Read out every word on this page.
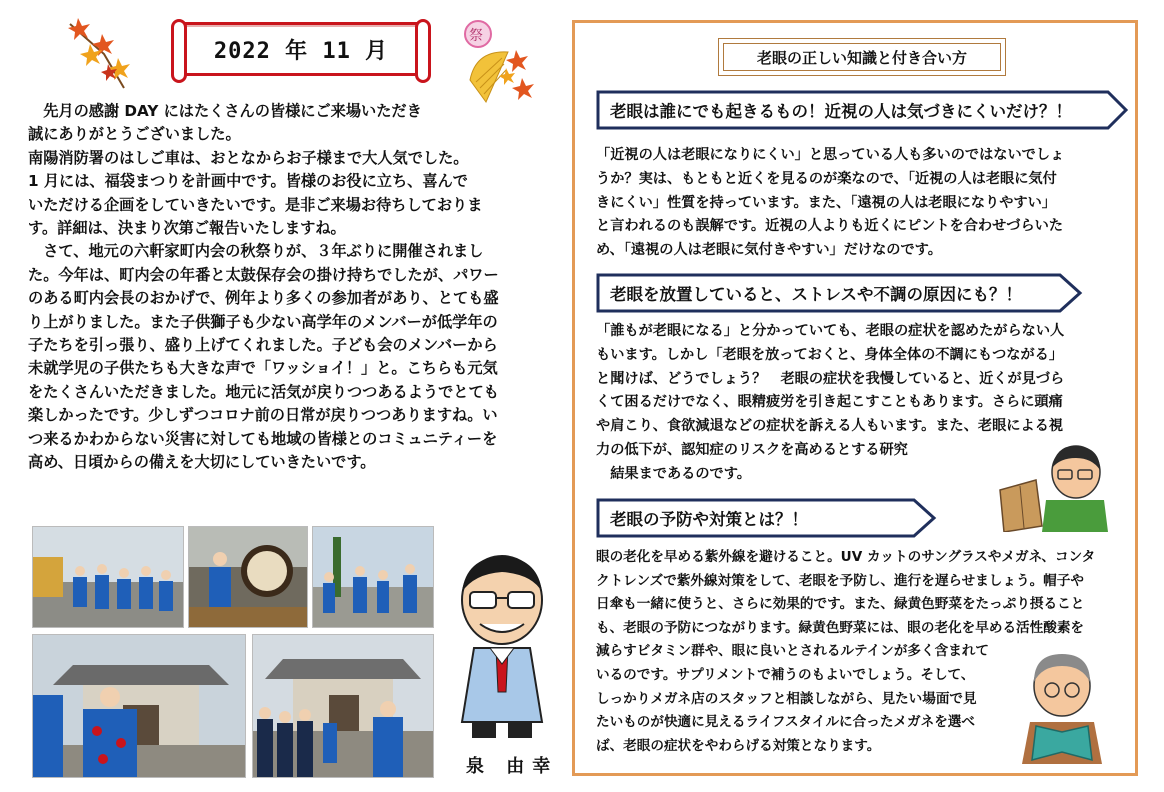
2022 年 11 月
祭

　先月の感謝 DAY にはたくさんの皆様にご来場いただき
誠にありがとうございました。
南陽消防署のはしご車は、おとなからお子様まで大人気でした。
1 月には、福袋まつりを計画中です。皆様のお役に立ち、喜んで
いただける企画をしていきたいです。是非ご来場お待ちしておりま
す。詳細は、決まり次第ご報告いたしますね。

　さて、地元の六軒家町内会の秋祭りが、３年ぶりに開催されまし
た。今年は、町内会の年番と太鼓保存会の掛け持ちでしたが、パワー
のある町内会長のおかげで、例年より多くの参加者があり、とても盛
り上がりました。また子供獅子も少ない高学年のメンバーが低学年の
子たちを引っ張り、盛り上げてくれました。子ども会のメンバーから
未就学児の子供たちも大きな声で「ワッショイ！」と。こちらも元気
をたくさんいただきました。地元に活気が戻りつつあるようでとても
楽しかったです。少しずつコロナ前の日常が戻りつつありますね。い
つ来るかわからない災害に対しても地域の皆様とのコミュニティーを
高め、日頃からの備えを大切にしていきたいです。

泉 由幸
老眼の正しい知識と付き合い方
老眼は誰にでも起きるもの！近視の人は気づきにくいだけ？！

「近視の人は老眼になりにくい」と思っている人も多いのではないでしょ
うか？実は、もともと近くを見るのが楽なので、「近視の人は老眼に気付
きにくい」性質を持っています。また、「遠視の人は老眼になりやすい」
と言われるのも誤解です。近視の人よりも近くにピントを合わせづらいた
め、「遠視の人は老眼に気付きやすい」だけなのです。

老眼を放置していると、ストレスや不調の原因にも？！

「誰もが老眼になる」と分かっていても、老眼の症状を認めたがらない人
もいます。しかし「老眼を放っておくと、身体全体の不調にもつながる」
と聞けば、どうでしょう？　老眼の症状を我慢していると、近くが見づら
くて困るだけでなく、眼精疲労を引き起こすこともあります。さらに頭痛
や肩こり、食欲減退などの症状を訴える人もいます。また、老眼による視
力の低下が、認知症のリスクを高めるとする研究
　結果まであるのです。

老眼の予防や対策とは？！

眼の老化を早める紫外線を避けること。UV カットのサングラスやメガネ、コンタ
クトレンズで紫外線対策をして、老眼を予防し、進行を遅らせましょう。帽子や
日傘も一緒に使うと、さらに効果的です。また、緑黄色野菜をたっぷり摂ること
も、老眼の予防につながります。緑黄色野菜には、眼の老化を早める活性酸素を
減らすビタミン群や、眼に良いとされるルテインが多く含まれて
いるのです。サプリメントで補うのもよいでしょう。そして、
しっかりメガネ店のスタッフと相談しながら、見たい場面で見
たいものが快適に見えるライフスタイルに合ったメガネを選べ
ば、老眼の症状をやわらげる対策となります。
